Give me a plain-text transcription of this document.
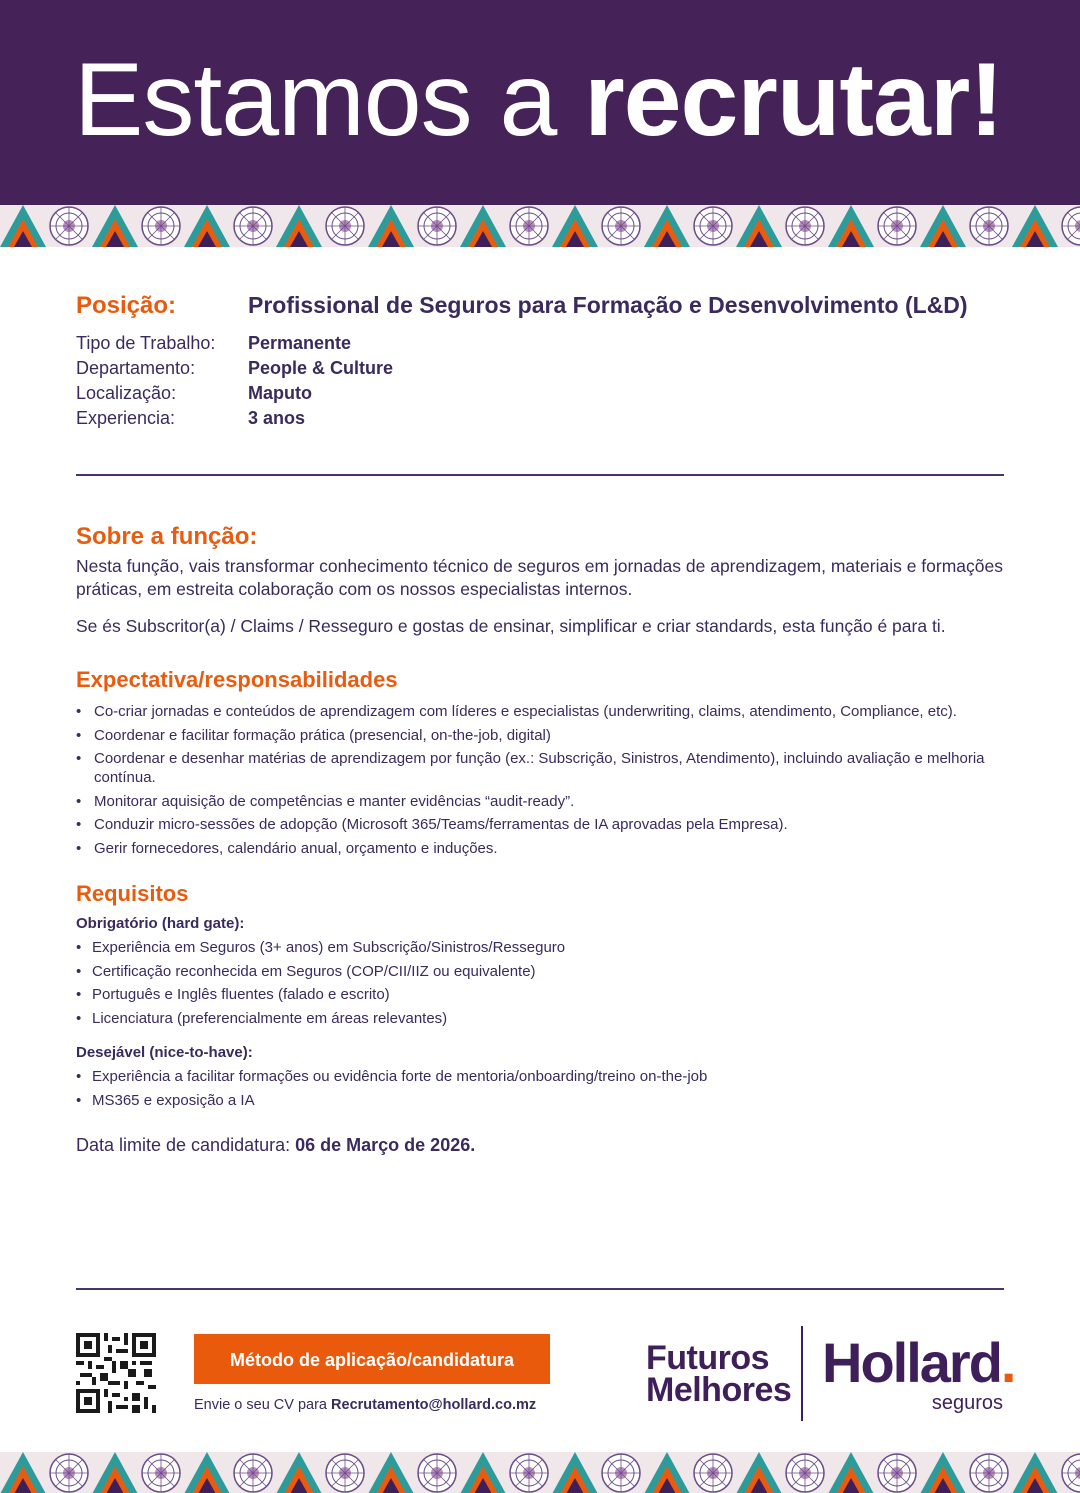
Estamos a recrutar!
Posição:	Profissional de Seguros para Formação e Desenvolvimento (L&D)
Tipo de Trabalho: Permanente
Departamento:	People & Culture
Localização:	Maputo
Experiencia:	3 anos
Sobre a função:
Nesta função, vais transformar conhecimento técnico de seguros em jornadas de aprendizagem, materiais e formações práticas, em estreita colaboração com os nossos especialistas internos.
Se és Subscritor(a) / Claims / Resseguro e gostas de ensinar, simplificar e criar standards, esta função é para ti.
Expectativa/responsabilidades
• Co-criar jornadas e conteúdos de aprendizagem com líderes e especialistas (underwriting, claims, atendimento, Compliance, etc).
• Coordenar e facilitar formação prática (presencial, on-the-job, digital)
• Coordenar e desenhar matérias de aprendizagem por função (ex.: Subscrição, Sinistros, Atendimento), incluindo avaliação e melhoria contínua.
• Monitorar aquisição de competências e manter evidências “audit-ready”.
• Conduzir micro-sessões de adopção (Microsoft 365/Teams/ferramentas de IA aprovadas pela Empresa).
• Gerir fornecedores, calendário anual, orçamento e induções.
Requisitos
Obrigatório (hard gate):
• Experiência em Seguros (3+ anos) em Subscrição/Sinistros/Resseguro
• Certificação reconhecida em Seguros (COP/CII/IIZ ou equivalente)
• Português e Inglês fluentes (falado e escrito)
• Licenciatura (preferencialmente em áreas relevantes)
Desejável (nice-to-have):
• Experiência a facilitar formações ou evidência forte de mentoria/onboarding/treino on-the-job
• MS365 e exposição a IA
Data limite de candidatura: 06 de Março de 2026.
Método de aplicação/candidatura
Envie o seu CV para Recrutamento@hollard.co.mz
Futuros
Melhores Hollard.
seguros
